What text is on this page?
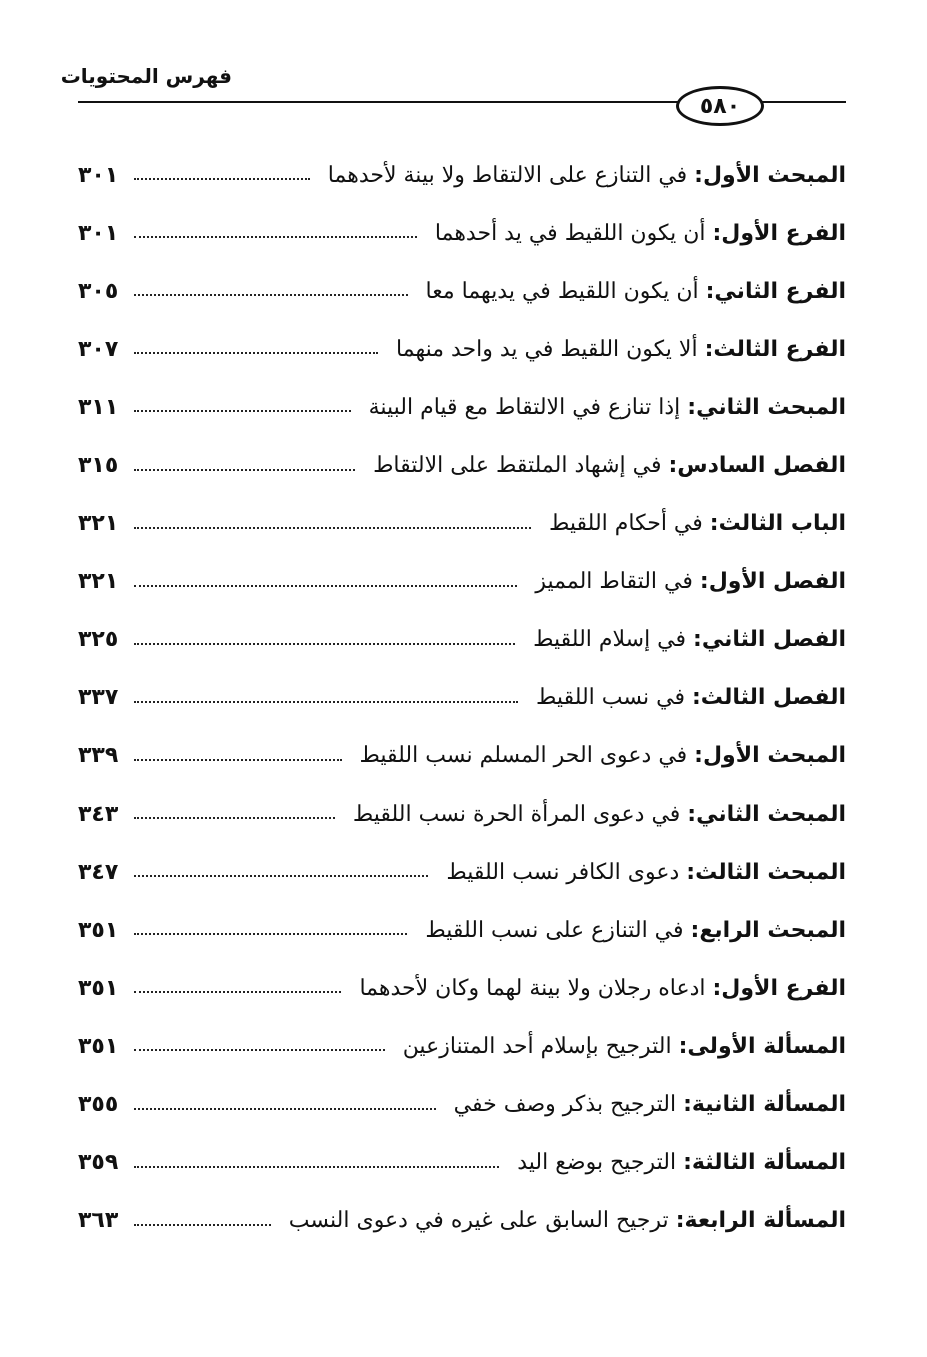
فهرس المحتويات
٥٨٠
المبحث الأول: في التنازع على الالتقاط ولا بينة لأحدهما
٣٠١
الفرع الأول: أن يكون اللقيط في يد أحدهما
٣٠١
الفرع الثاني: أن يكون اللقيط في يديهما معا
٣٠٥
الفرع الثالث: ألا يكون اللقيط في يد واحد منهما
٣٠٧
المبحث الثاني: إذا تنازع في الالتقاط مع قيام البينة
٣١١
الفصل السادس: في إشهاد الملتقط على الالتقاط
٣١٥
الباب الثالث: في أحكام اللقيط
٣٢١
الفصل الأول: في التقاط المميز
٣٢١
الفصل الثاني: في إسلام اللقيط
٣٢٥
الفصل الثالث: في نسب اللقيط
٣٣٧
المبحث الأول: في دعوى الحر المسلم نسب اللقيط
٣٣٩
المبحث الثاني: في دعوى المرأة الحرة نسب اللقيط
٣٤٣
المبحث الثالث: دعوى الكافر نسب اللقيط
٣٤٧
المبحث الرابع: في التنازع على نسب اللقيط
٣٥١
الفرع الأول: ادعاه رجلان ولا بينة لهما وكان لأحدهما
٣٥١
المسألة الأولى: الترجيح بإسلام أحد المتنازعين
٣٥١
المسألة الثانية: الترجيح بذكر وصف خفي
٣٥٥
المسألة الثالثة: الترجيح بوضع اليد
٣٥٩
المسألة الرابعة: ترجيح السابق على غيره في دعوى النسب
٣٦٣
